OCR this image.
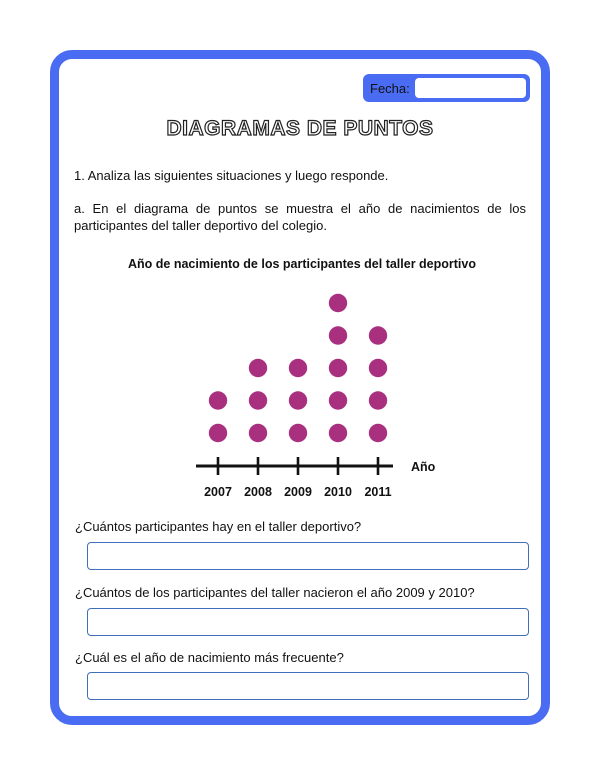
Fecha:
DIAGRAMAS DE PUNTOS
1. Analiza las siguientes situaciones y luego responde.
a. En el diagrama de puntos se muestra el año de nacimientos de los participantes del taller deportivo del colegio.
Año de nacimiento de los participantes del taller deportivo
2007 2008 2009 2010 2011
Año
¿Cuántos participantes hay en el taller deportivo?
¿Cuántos de los participantes del taller nacieron el año 2009 y 2010?
¿Cuál es el año de nacimiento más frecuente?
